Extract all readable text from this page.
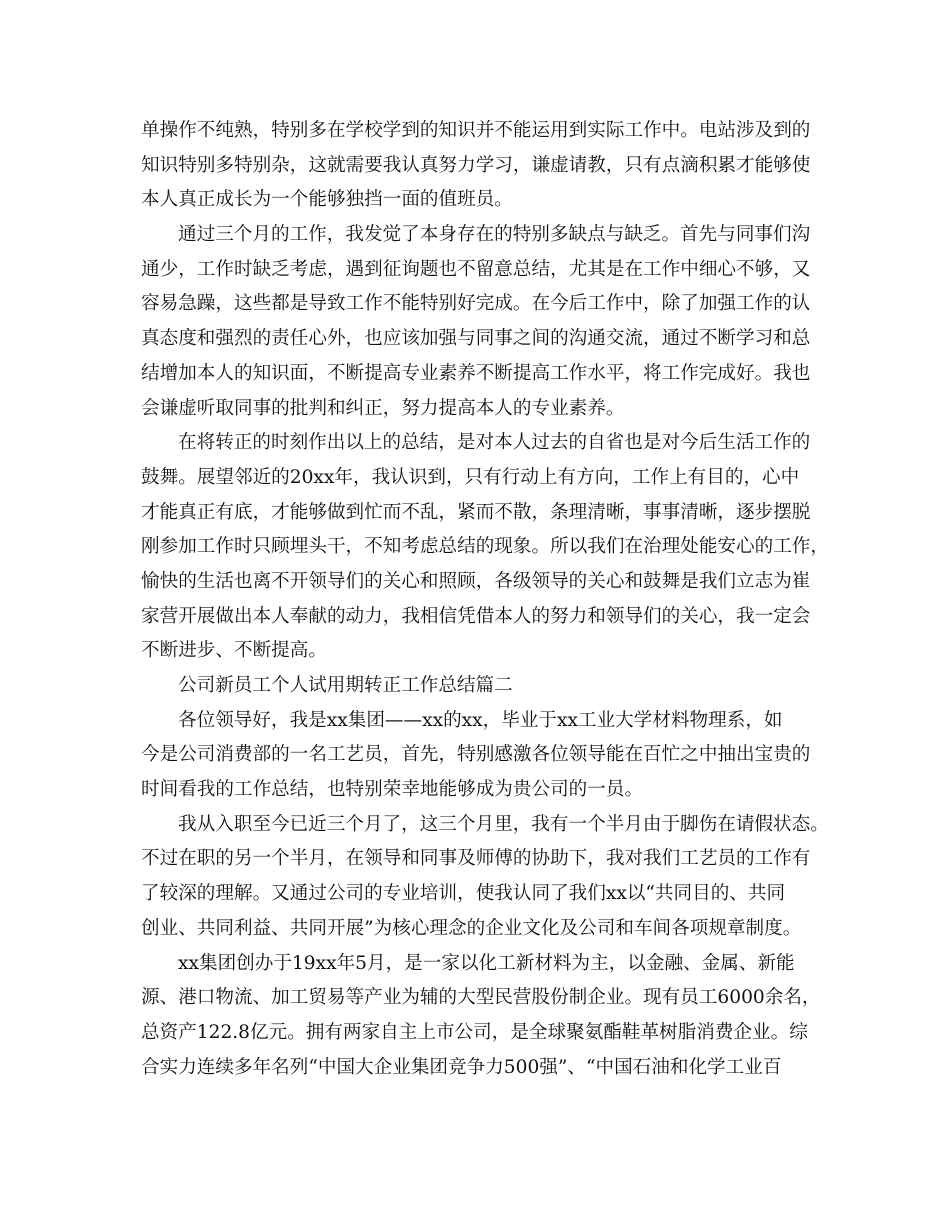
单操作不纯熟，特别多在学校学到的知识并不能运用到实际工作中。电站涉及到的
知识特别多特别杂，这就需要我认真努力学习，谦虚请教，只有点滴积累才能够使
本人真正成长为一个能够独挡一面的值班员。
通过三个月的工作，我发觉了本身存在的特别多缺点与缺乏。首先与同事们沟
通少，工作时缺乏考虑，遇到征询题也不留意总结，尤其是在工作中细心不够，又
容易急躁，这些都是导致工作不能特别好完成。在今后工作中，除了加强工作的认
真态度和强烈的责任心外，也应该加强与同事之间的沟通交流，通过不断学习和总
结增加本人的知识面，不断提高专业素养不断提高工作水平，将工作完成好。我也
会谦虚听取同事的批判和纠正，努力提高本人的专业素养。
在将转正的时刻作出以上的总结，是对本人过去的自省也是对今后生活工作的
鼓舞。展望邻近的20xx年，我认识到，只有行动上有方向，工作上有目的，心中
才能真正有底，才能够做到忙而不乱，紧而不散，条理清晰，事事清晰，逐步摆脱
刚参加工作时只顾埋头干，不知考虑总结的现象。所以我们在治理处能安心的工作，
愉快的生活也离不开领导们的关心和照顾，各级领导的关心和鼓舞是我们立志为崔
家营开展做出本人奉献的动力，我相信凭借本人的努力和领导们的关心，我一定会
不断进步、不断提高。
公司新员工个人试用期转正工作总结篇二
各位领导好，我是xx集团——xx的xx，毕业于xx工业大学材料物理系，如
今是公司消费部的一名工艺员，首先，特别感激各位领导能在百忙之中抽出宝贵的
时间看我的工作总结，也特别荣幸地能够成为贵公司的一员。
我从入职至今已近三个月了，这三个月里，我有一个半月由于脚伤在请假状态。
不过在职的另一个半月，在领导和同事及师傅的协助下，我对我们工艺员的工作有
了较深的理解。又通过公司的专业培训，使我认同了我们xx以“共同目的、共同
创业、共同利益、共同开展”为核心理念的企业文化及公司和车间各项规章制度。
xx集团创办于19xx年5月，是一家以化工新材料为主，以金融、金属、新能
源、港口物流、加工贸易等产业为辅的大型民营股份制企业。现有员工6000余名，
总资产122.8亿元。拥有两家自主上市公司，是全球聚氨酯鞋革树脂消费企业。综
合实力连续多年名列“中国大企业集团竞争力500强”、“中国石油和化学工业百
